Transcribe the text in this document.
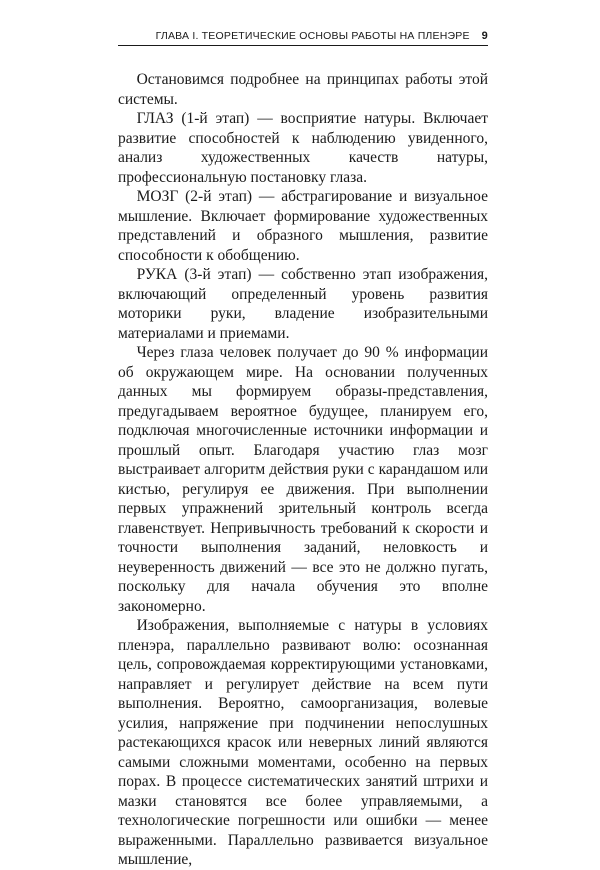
ГЛАВА I. ТЕОРЕТИЧЕСКИЕ ОСНОВЫ РАБОТЫ НА ПЛЕНЭРЕ 9

Остановимся подробнее на принципах работы этой системы.

ГЛАЗ (1-й этап) — восприятие натуры. Включает развитие способностей к наблюдению увиденного, анализ художественных качеств натуры, профессиональную постановку глаза.

МОЗГ (2-й этап) — абстрагирование и визуальное мышление. Включает формирование художественных представлений и образного мышления, развитие способности к обобщению.

РУКА (3-й этап) — собственно этап изображения, включающий определенный уровень развития моторики руки, владение изобразительными материалами и приемами.

Через глаза человек получает до 90 % информации об окружающем мире. На основании полученных данных мы формируем образы-представления, предугадываем вероятное будущее, планируем его, подключая многочисленные источники информации и прошлый опыт. Благодаря участию глаз мозг выстраивает алгоритм действия руки с карандашом или кистью, регулируя ее движения. При выполнении первых упражнений зрительный контроль всегда главенствует. Непривычность требований к скорости и точности выполнения заданий, неловкость и неуверенность движений — все это не должно пугать, поскольку для начала обучения это вполне закономерно.

Изображения, выполняемые с натуры в условиях пленэра, параллельно развивают волю: осознанная цель, сопровождаемая корректирующими установками, направляет и регулирует действие на всем пути выполнения. Вероятно, самоорганизация, волевые усилия, напряжение при подчинении непослушных растекающихся красок или неверных линий являются самыми сложными моментами, особенно на первых порах. В процессе систематических занятий штрихи и мазки становятся все более управляемыми, а технологические погрешности или ошибки — менее выраженными. Параллельно развивается визуальное мышление,
